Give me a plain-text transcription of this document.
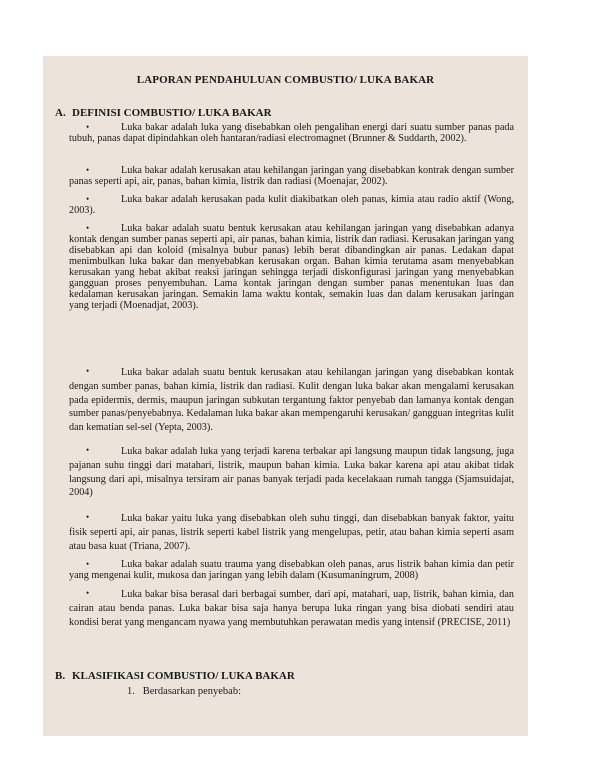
LAPORAN PENDAHULUAN COMBUSTIO/ LUKA BAKAR
A. DEFINISI COMBUSTIO/ LUKA BAKAR
•	Luka bakar adalah luka yang disebabkan oleh pengalihan energi dari suatu sumber panas pada tubuh, panas dapat dipindahkan oleh hantaran/radiasi electromagnet (Brunner & Suddarth, 2002).
•	Luka bakar adalah kerusakan atau kehilangan jaringan yang disebabkan kontrak dengan sumber panas seperti api, air, panas, bahan kimia, listrik dan radiasi (Moenajar, 2002).
•	Luka bakar adalah kerusakan pada kulit diakibatkan oleh panas, kimia atau radio aktif (Wong, 2003).
•	Luka bakar adalah suatu bentuk kerusakan atau kehilangan jaringan yang disebabkan adanya kontak dengan sumber panas seperti api, air panas, bahan kimia, listrik dan radiasi. Kerusakan jaringan yang disebabkan api dan koloid (misalnya bubur panas) lebih berat dibandingkan air panas. Ledakan dapat menimbulkan luka bakar dan menyebabkan kerusakan organ. Bahan kimia terutama asam menyebabkan kerusakan yang hebat akibat reaksi jaringan sehingga terjadi diskonfigurasi jaringan yang menyebabkan gangguan proses penyembuhan. Lama kontak jaringan dengan sumber panas menentukan luas dan kedalaman kerusakan jaringan. Semakin lama waktu kontak, semakin luas dan dalam kerusakan jaringan yang terjadi (Moenadjat, 2003).
•	Luka bakar adalah suatu bentuk kerusakan atau kehilangan jaringan yang disebabkan kontak dengan sumber panas, bahan kimia, listrik dan radiasi. Kulit dengan luka bakar akan mengalami kerusakan pada epidermis, dermis, maupun jaringan subkutan tergantung faktor penyebab dan lamanya kontak dengan sumber panas/penyebabnya. Kedalaman luka bakar akan mempengaruhi kerusakan/ gangguan integritas kulit dan kematian sel-sel (Yepta, 2003).
•	Luka bakar adalah luka yang terjadi karena terbakar api langsung maupun tidak langsung, juga pajanan suhu tinggi dari matahari, listrik, maupun bahan kimia. Luka bakar karena api atau akibat tidak langsung dari api, misalnya tersiram air panas banyak terjadi pada kecelakaan rumah tangga (Sjamsuidajat, 2004)
•	Luka bakar yaitu luka yang disebabkan oleh suhu tinggi, dan disebabkan banyak faktor, yaitu fisik seperti api, air panas, listrik seperti kabel listrik yang mengelupas, petir, atau bahan kimia seperti asam atau basa kuat (Triana, 2007).
•	Luka bakar adalah suatu trauma yang disebabkan oleh panas, arus listrik bahan kimia dan petir yang mengenai kulit, mukosa dan jaringan yang lebih dalam (Kusumaningrum, 2008)
•	Luka bakar bisa berasal dari berbagai sumber, dari api, matahari, uap, listrik, bahan kimia, dan cairan atau benda panas. Luka bakar bisa saja hanya berupa luka ringan yang bisa diobati sendiri atau kondisi berat yang mengancam nyawa yang membutuhkan perawatan medis yang intensif (PRECISE, 2011)
B. KLASIFIKASI COMBUSTIO/ LUKA BAKAR
1. Berdasarkan penyebab:
